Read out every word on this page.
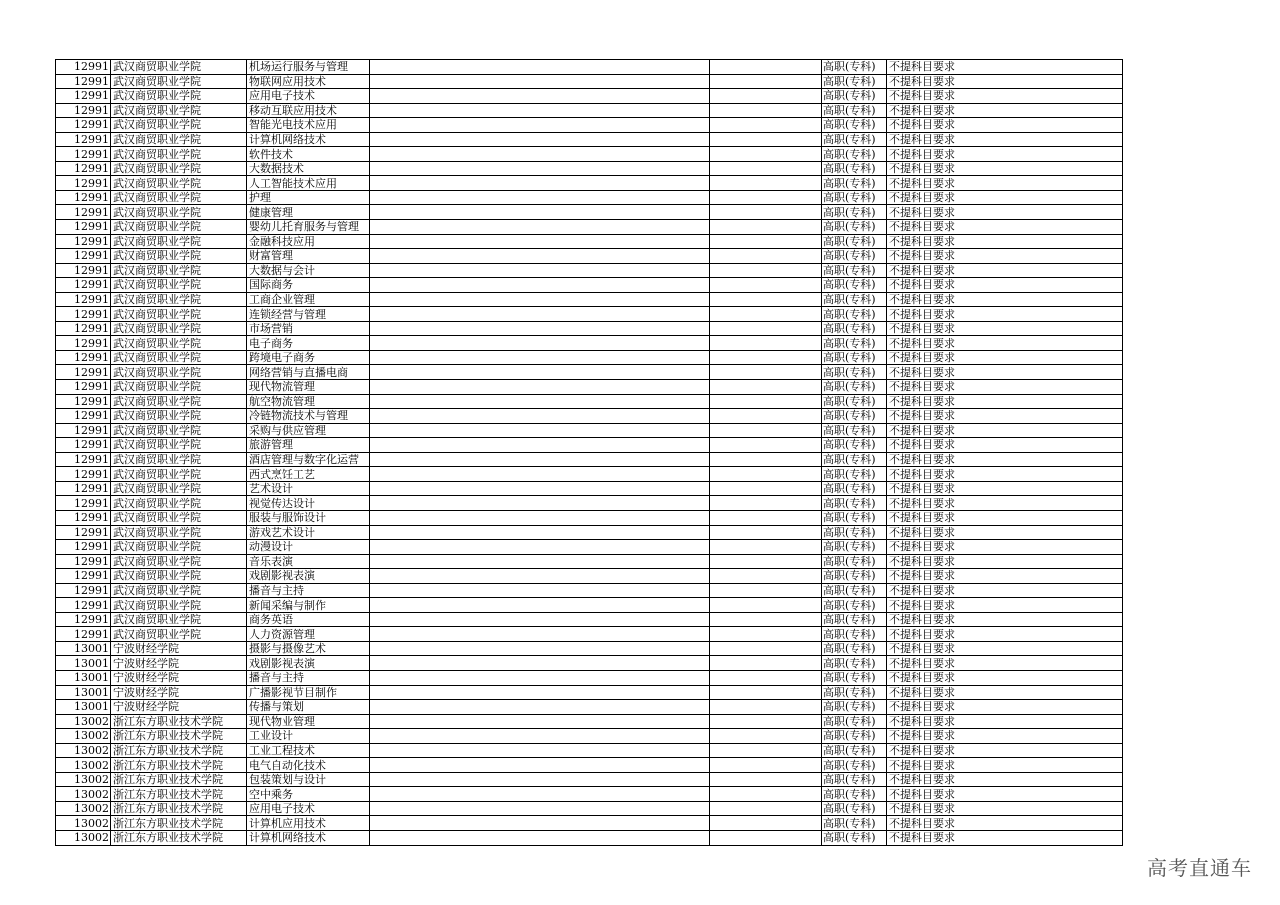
12991	武汉商贸职业学院	机场运行服务与管理			高职(专科)	不提科目要求
12991	武汉商贸职业学院	物联网应用技术			高职(专科)	不提科目要求
12991	武汉商贸职业学院	应用电子技术			高职(专科)	不提科目要求
12991	武汉商贸职业学院	移动互联应用技术			高职(专科)	不提科目要求
12991	武汉商贸职业学院	智能光电技术应用			高职(专科)	不提科目要求
12991	武汉商贸职业学院	计算机网络技术			高职(专科)	不提科目要求
12991	武汉商贸职业学院	软件技术			高职(专科)	不提科目要求
12991	武汉商贸职业学院	大数据技术			高职(专科)	不提科目要求
12991	武汉商贸职业学院	人工智能技术应用			高职(专科)	不提科目要求
12991	武汉商贸职业学院	护理			高职(专科)	不提科目要求
12991	武汉商贸职业学院	健康管理			高职(专科)	不提科目要求
12991	武汉商贸职业学院	婴幼儿托育服务与管理			高职(专科)	不提科目要求
12991	武汉商贸职业学院	金融科技应用			高职(专科)	不提科目要求
12991	武汉商贸职业学院	财富管理			高职(专科)	不提科目要求
12991	武汉商贸职业学院	大数据与会计			高职(专科)	不提科目要求
12991	武汉商贸职业学院	国际商务			高职(专科)	不提科目要求
12991	武汉商贸职业学院	工商企业管理			高职(专科)	不提科目要求
12991	武汉商贸职业学院	连锁经营与管理			高职(专科)	不提科目要求
12991	武汉商贸职业学院	市场营销			高职(专科)	不提科目要求
12991	武汉商贸职业学院	电子商务			高职(专科)	不提科目要求
12991	武汉商贸职业学院	跨境电子商务			高职(专科)	不提科目要求
12991	武汉商贸职业学院	网络营销与直播电商			高职(专科)	不提科目要求
12991	武汉商贸职业学院	现代物流管理			高职(专科)	不提科目要求
12991	武汉商贸职业学院	航空物流管理			高职(专科)	不提科目要求
12991	武汉商贸职业学院	冷链物流技术与管理			高职(专科)	不提科目要求
12991	武汉商贸职业学院	采购与供应管理			高职(专科)	不提科目要求
12991	武汉商贸职业学院	旅游管理			高职(专科)	不提科目要求
12991	武汉商贸职业学院	酒店管理与数字化运营			高职(专科)	不提科目要求
12991	武汉商贸职业学院	西式烹饪工艺			高职(专科)	不提科目要求
12991	武汉商贸职业学院	艺术设计			高职(专科)	不提科目要求
12991	武汉商贸职业学院	视觉传达设计			高职(专科)	不提科目要求
12991	武汉商贸职业学院	服装与服饰设计			高职(专科)	不提科目要求
12991	武汉商贸职业学院	游戏艺术设计			高职(专科)	不提科目要求
12991	武汉商贸职业学院	动漫设计			高职(专科)	不提科目要求
12991	武汉商贸职业学院	音乐表演			高职(专科)	不提科目要求
12991	武汉商贸职业学院	戏剧影视表演			高职(专科)	不提科目要求
12991	武汉商贸职业学院	播音与主持			高职(专科)	不提科目要求
12991	武汉商贸职业学院	新闻采编与制作			高职(专科)	不提科目要求
12991	武汉商贸职业学院	商务英语			高职(专科)	不提科目要求
12991	武汉商贸职业学院	人力资源管理			高职(专科)	不提科目要求
13001	宁波财经学院	摄影与摄像艺术			高职(专科)	不提科目要求
13001	宁波财经学院	戏剧影视表演			高职(专科)	不提科目要求
13001	宁波财经学院	播音与主持			高职(专科)	不提科目要求
13001	宁波财经学院	广播影视节目制作			高职(专科)	不提科目要求
13001	宁波财经学院	传播与策划			高职(专科)	不提科目要求
13002	浙江东方职业技术学院	现代物业管理			高职(专科)	不提科目要求
13002	浙江东方职业技术学院	工业设计			高职(专科)	不提科目要求
13002	浙江东方职业技术学院	工业工程技术			高职(专科)	不提科目要求
13002	浙江东方职业技术学院	电气自动化技术			高职(专科)	不提科目要求
13002	浙江东方职业技术学院	包装策划与设计			高职(专科)	不提科目要求
13002	浙江东方职业技术学院	空中乘务			高职(专科)	不提科目要求
13002	浙江东方职业技术学院	应用电子技术			高职(专科)	不提科目要求
13002	浙江东方职业技术学院	计算机应用技术			高职(专科)	不提科目要求
13002	浙江东方职业技术学院	计算机网络技术			高职(专科)	不提科目要求
高考直通车
